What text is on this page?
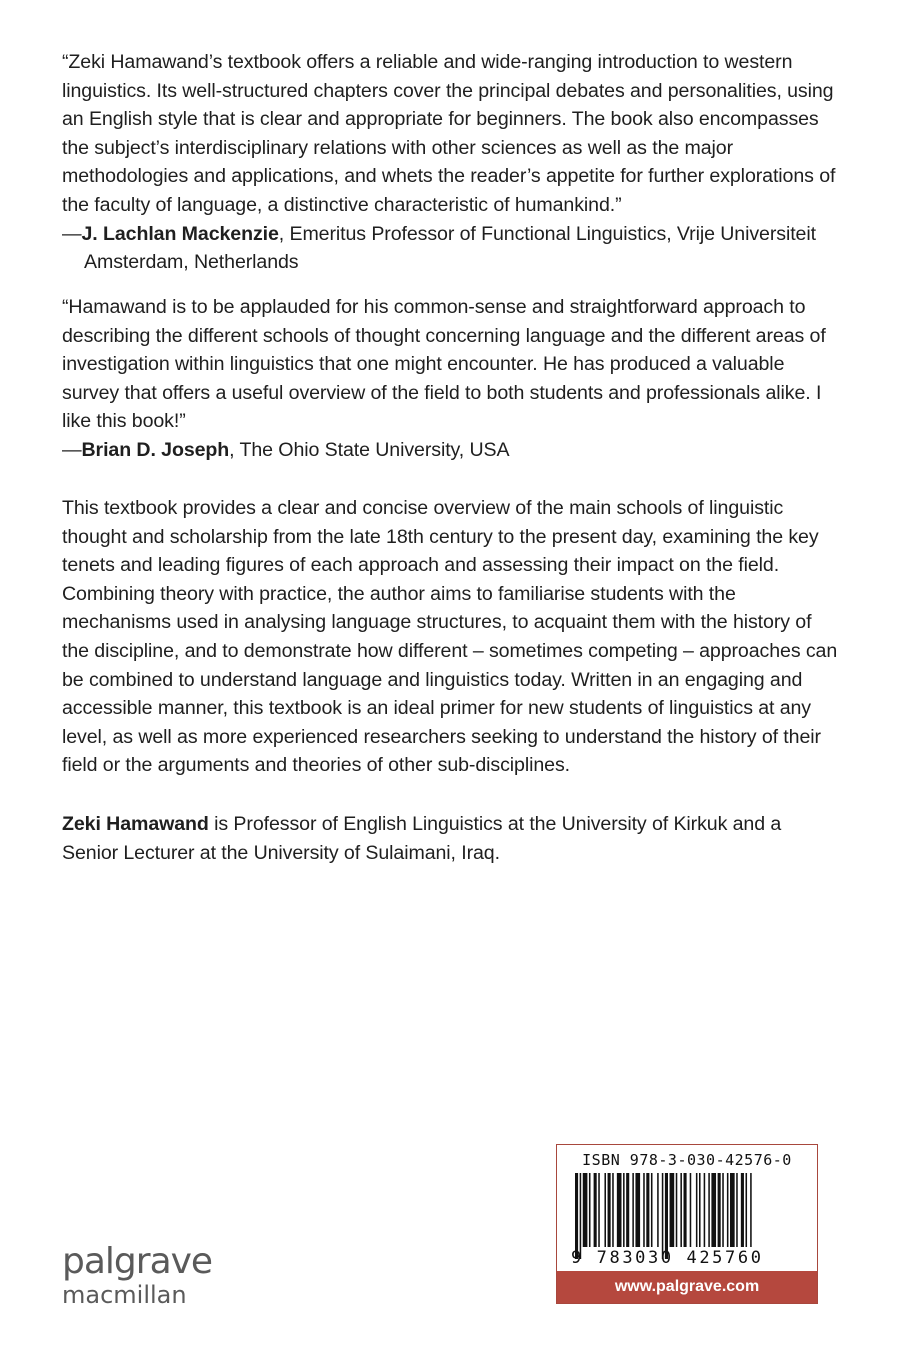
“Zeki Hamawand’s textbook offers a reliable and wide-ranging introduction to western linguistics. Its well-structured chapters cover the principal debates and personalities, using an English style that is clear and appropriate for beginners. The book also encompasses the subject’s interdisciplinary relations with other sciences as well as the major methodologies and applications, and whets the reader’s appetite for further explorations of the faculty of language, a distinctive characteristic of humankind.”

—J. Lachlan Mackenzie, Emeritus Professor of Functional Linguistics, Vrije Universiteit Amsterdam, Netherlands

“Hamawand is to be applauded for his common-sense and straightforward approach to describing the different schools of thought concerning language and the different areas of investigation within linguistics that one might encounter. He has produced a valuable survey that offers a useful overview of the field to both students and professionals alike. I like this book!”

—Brian D. Joseph, The Ohio State University, USA

This textbook provides a clear and concise overview of the main schools of linguistic thought and scholarship from the late 18th century to the present day, examining the key tenets and leading figures of each approach and assessing their impact on the field. Combining theory with practice, the author aims to familiarise students with the mechanisms used in analysing language structures, to acquaint them with the history of the discipline, and to demonstrate how different – sometimes competing – approaches can be combined to understand language and linguistics today. Written in an engaging and accessible manner, this textbook is an ideal primer for new students of linguistics at any level, as well as more experienced researchers seeking to understand the history of their field or the arguments and theories of other sub-disciplines.

Zeki Hamawand is Professor of English Linguistics at the University of Kirkuk and a Senior Lecturer at the University of Sulaimani, Iraq.

palgrave
macmillan
ISBN 978-3-030-42576-0
9 783030 425760
www.palgrave.com
